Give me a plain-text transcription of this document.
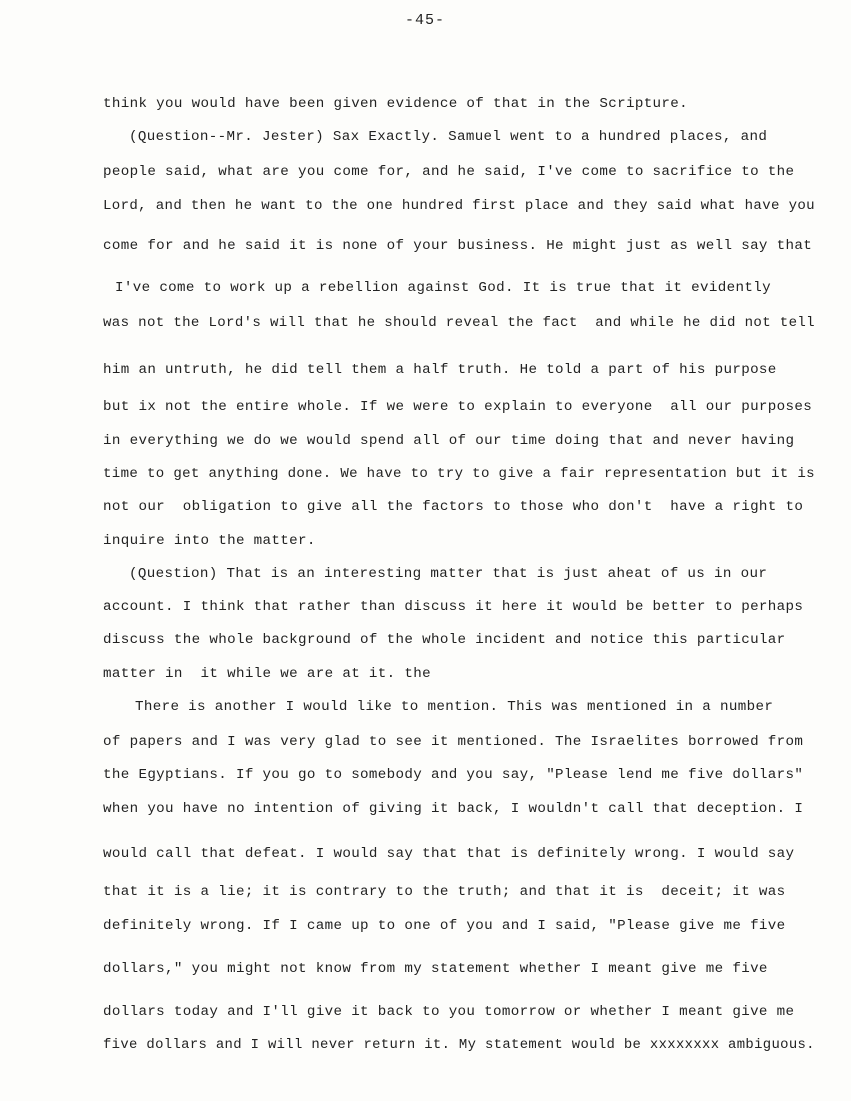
-45-
think you would have been given evidence of that in the Scripture.
(Question--Mr. Jester) Sax Exactly. Samuel went to a hundred places, and
people said, what are you come for, and he said, I've come to sacrifice to the
Lord, and then he want to the one hundred first place and they said what have you
come for and he said it is none of your business. He might just as well say that
I've come to work up a rebellion against God. It is true that it evidently
was not the Lord's will that he should reveal the fact  and while he did not tell
him an untruth, he did tell them a half truth. He told a part of his purpose
but ix not the entire whole. If we were to explain to everyone  all our purposes
in everything we do we would spend all of our time doing that and never having
time to get anything done. We have to try to give a fair representation but it is
not our  obligation to give all the factors to those who don't  have a right to
inquire into the matter.
(Question) That is an interesting matter that is just aheat of us in our
account. I think that rather than discuss it here it would be better to perhaps
discuss the whole background of the whole incident and notice this particular
matter in  it while we are at it. the
There is another I would like to mention. This was mentioned in a number
of papers and I was very glad to see it mentioned. The Israelites borrowed from
the Egyptians. If you go to somebody and you say, "Please lend me five dollars"
when you have no intention of giving it back, I wouldn't call that deception. I
would call that defeat. I would say that that is definitely wrong. I would say
that it is a lie; it is contrary to the truth; and that it is  deceit; it was
definitely wrong. If I came up to one of you and I said, "Please give me five
dollars," you might not know from my statement whether I meant give me five
dollars today and I'll give it back to you tomorrow or whether I meant give me
five dollars and I will never return it. My statement would be xxxxxxxx ambiguous.
